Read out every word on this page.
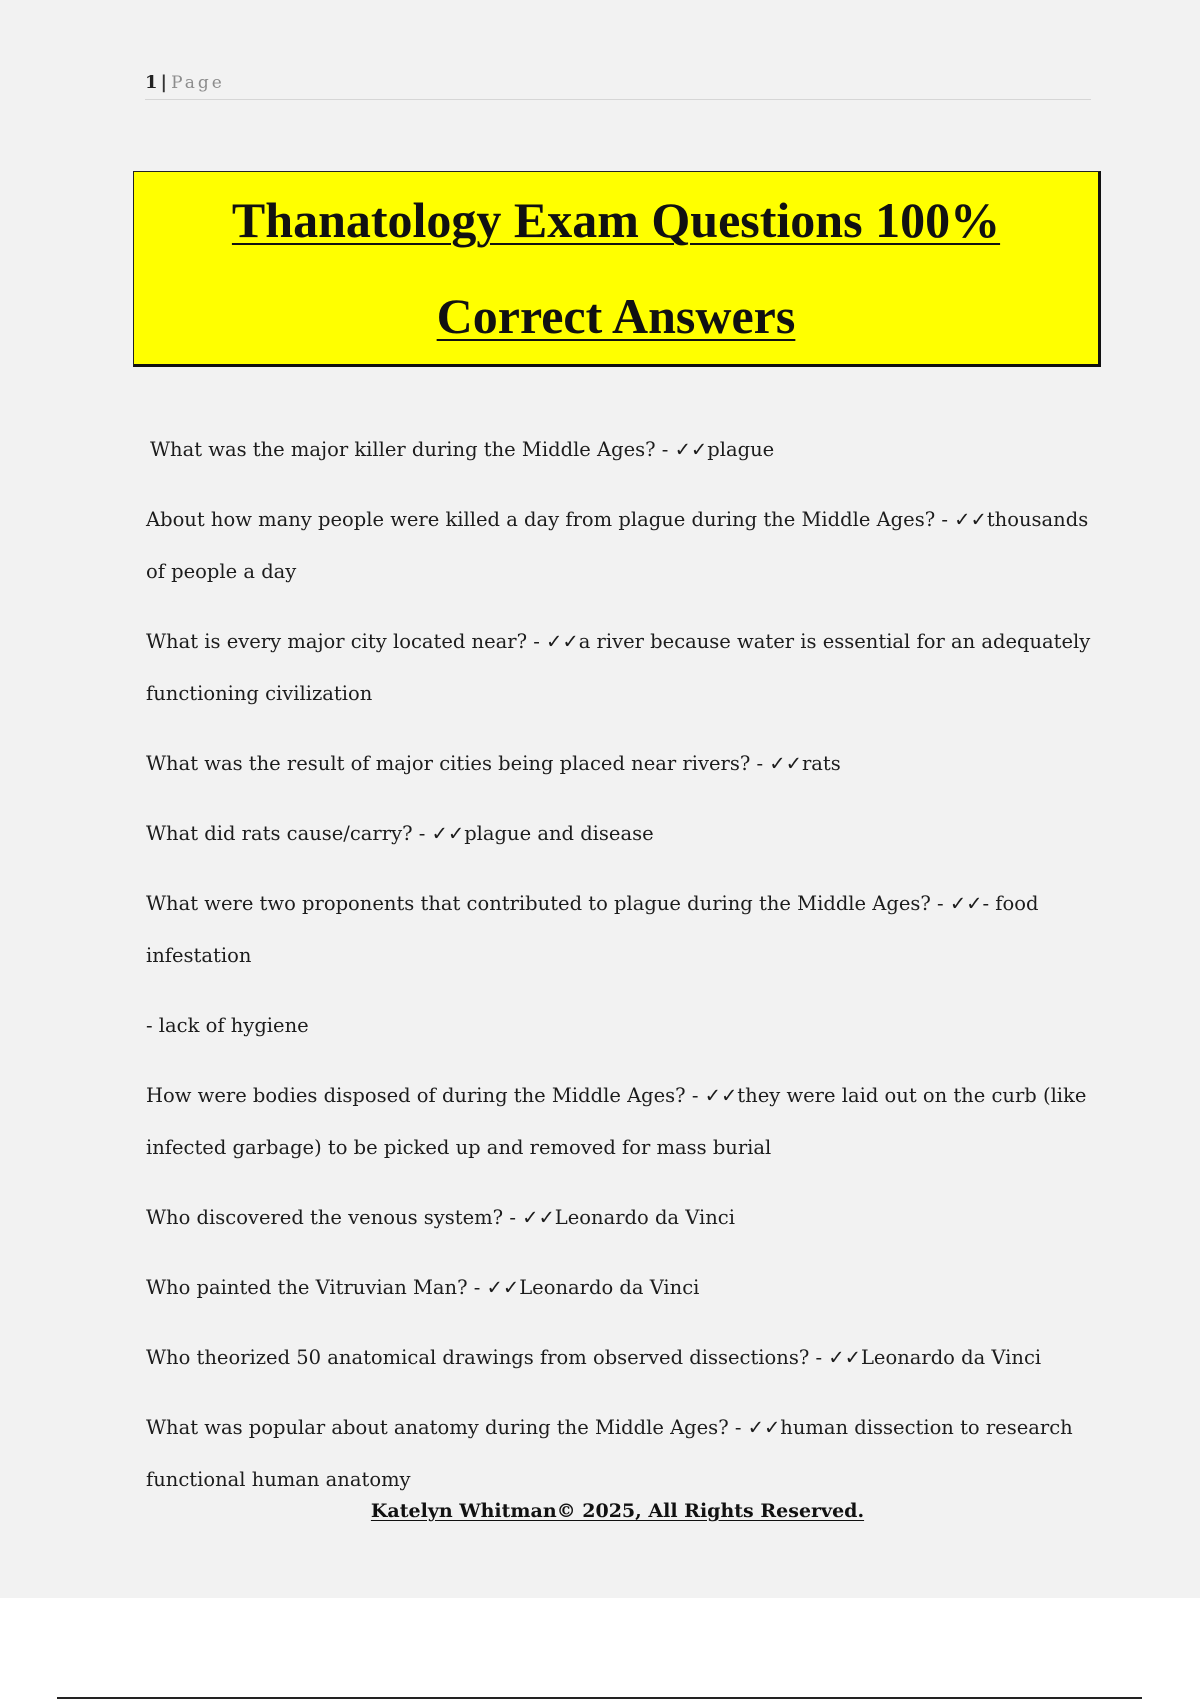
1 | Page
Thanatology Exam Questions 100%
Correct Answers

What was the major killer during the Middle Ages? - ✓✓plague

About how many people were killed a day from plague during the Middle Ages? - ✓✓thousands of people a day

What is every major city located near? - ✓✓a river because water is essential for an adequately functioning civilization

What was the result of major cities being placed near rivers? - ✓✓rats

What did rats cause/carry? - ✓✓plague and disease

What were two proponents that contributed to plague during the Middle Ages? - ✓✓- food infestation

- lack of hygiene

How were bodies disposed of during the Middle Ages? - ✓✓they were laid out on the curb (like infected garbage) to be picked up and removed for mass burial

Who discovered the venous system? - ✓✓Leonardo da Vinci

Who painted the Vitruvian Man? - ✓✓Leonardo da Vinci

Who theorized 50 anatomical drawings from observed dissections? - ✓✓Leonardo da Vinci

What was popular about anatomy during the Middle Ages? - ✓✓human dissection to research functional human anatomy

Katelyn Whitman© 2025, All Rights Reserved.
